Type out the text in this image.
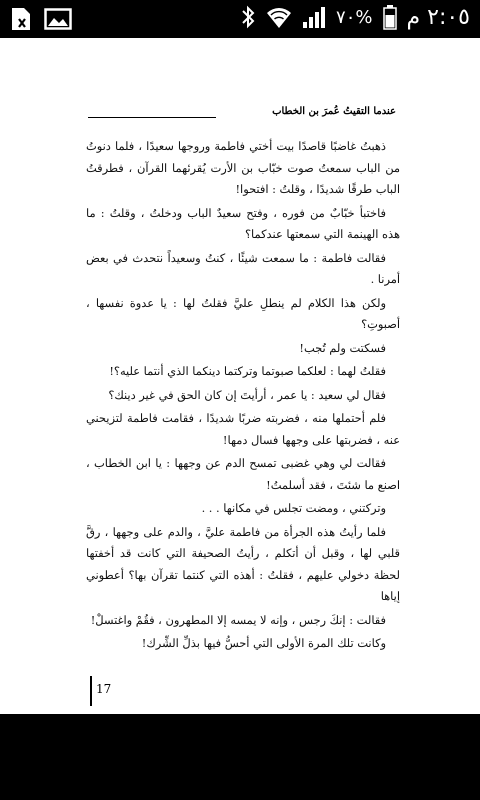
٧٠% ٢:٠٥ م
عندما التقيتُ عُمرَ بن الخطاب

ذهبتُ غاضبًا قاصدًا بيت أختي فاطمة وروجها سعيدًا ، فلما دنوتُ من الباب سمعتُ صوت خبّاب بن الأرت يُقرئهما القرآن ، فطرقتُ الباب طرقًا شديدًا ، وقلتُ : افتحوا!

فاختبأ خبّابٌ من فوره ، وفتح سعيدٌ الباب ودخلتُ ، وقلتُ : ما هذه الهينمة التي سمعتها عندكما؟

فقالت فاطمة : ما سمعت شيئًا ، كنتُ وسعيداً نتحدث في بعض أمرنا .

ولكن هذا الكلام لم ينطلِ عليَّ فقلتُ لها : يا عدوة نفسها ، أصبوتِ؟

فسكتت ولم تُجب!

فقلتُ لهما : لعلكما صبوتما وتركتما دينكما الذي أنتما عليه؟!

فقال لي سعيد : يا عمر ، أرأيتَ إن كان الحق في غير دينك؟

فلم أحتملها منه ، فضربته ضربًا شديدًا ، فقامت فاطمة لتزيحني عنه ، فضربتها على وجهها فسال دمها!

فقالت لي وهي غضبى تمسح الدم عن وجهها : يا ابن الخطاب ، اصنع ما شئتَ ، فقد أسلمتُ!

وتركتني ، ومضت تجلس في مكانها . . .

فلما رأيتُ هذه الجرأة من فاطمة عليَّ ، والدم على وجهها ، رقَّ قلبي لها ، وقبل أن أتكلم ، رأيتُ الصحيفة التي كانت قد أخفتها لحظة دخولي عليهم ، فقلتُ : أهذه التي كنتما تقرآن بها؟ أعطوني إياها

فقالت : إنكَ رجس ، وإنه لا يمسه إلا المطهرون ، فقُمْ واغتسلْ!

وكانت تلك المرة الأولى التي أحسُّ فيها بذلِّ الشِّرك!

17
